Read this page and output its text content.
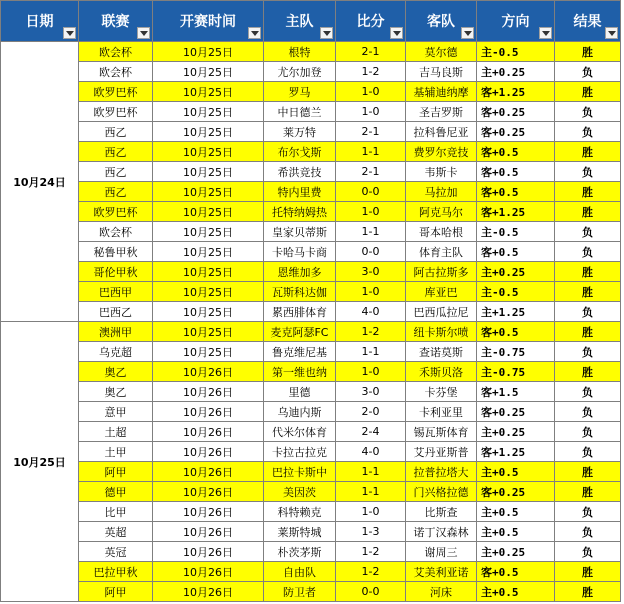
日期	联赛	开赛时间	主队	比分	客队	方向	结果

10月24日	欧会杯	10月25日	根特	2-1	莫尔德	主-0.5	胜
	欧会杯	10月25日	尤尔加登	1-2	吉马良斯	主+0.25	负
	欧罗巴杯	10月25日	罗马	1-0	基辅迪纳摩	客+1.25	胜
	欧罗巴杯	10月25日	中日德兰	1-0	圣吉罗斯	客+0.25	负
	西乙	10月25日	莱万特	2-1	拉科鲁尼亚	客+0.25	负
	西乙	10月25日	布尔戈斯	1-1	费罗尔竞技	客+0.5	胜
	西乙	10月25日	希洪竞技	2-1	韦斯卡	客+0.5	负
	西乙	10月25日	特内里费	0-0	马拉加	客+0.5	胜
	欧罗巴杯	10月25日	托特纳姆热	1-0	阿克马尔	客+1.25	胜
	欧会杯	10月25日	皇家贝蒂斯	1-1	哥本哈根	主-0.5	负
	秘鲁甲秋	10月25日	卡哈马卡商	0-0	体育主队	客+0.5	负
	哥伦甲秋	10月25日	恩维加多	3-0	阿古拉斯多	主+0.25	胜
	巴西甲	10月25日	瓦斯科达伽	1-0	库亚巴	主-0.5	胜
	巴西乙	10月25日	累西腓体育	4-0	巴西瓜拉尼	主+1.25	负
10月25日	澳洲甲	10月25日	麦克阿瑟FC	1-2	纽卡斯尔喷	客+0.5	胜
	乌克超	10月25日	鲁克维尼基	1-1	查诺莫斯	主-0.75	负
	奥乙	10月26日	第一维也纳	1-0	禾斯贝洛	主-0.75	胜
	奥乙	10月26日	里德	3-0	卡芬堡	客+1.5	负
	意甲	10月26日	乌迪内斯	2-0	卡利亚里	客+0.25	负
	土超	10月26日	代米尔体育	2-4	锡瓦斯体育	主+0.25	负
	土甲	10月26日	卡拉古拉克	4-0	艾丹亚斯普	客+1.25	负
	阿甲	10月26日	巴拉卡斯中	1-1	拉普拉塔大	主+0.5	胜
	德甲	10月26日	美因茨	1-1	门兴格拉德	客+0.25	胜
	比甲	10月26日	科特赖克	1-0	比斯查	主+0.5	负
	英超	10月26日	莱斯特城	1-3	诺丁汉森林	主+0.5	负
	英冠	10月26日	朴茨茅斯	1-2	谢周三	主+0.25	负
	巴拉甲秋	10月26日	自由队	1-2	艾美利亚诺	客+0.5	胜
	阿甲	10月26日	防卫者	0-0	河床	主+0.5	胜
